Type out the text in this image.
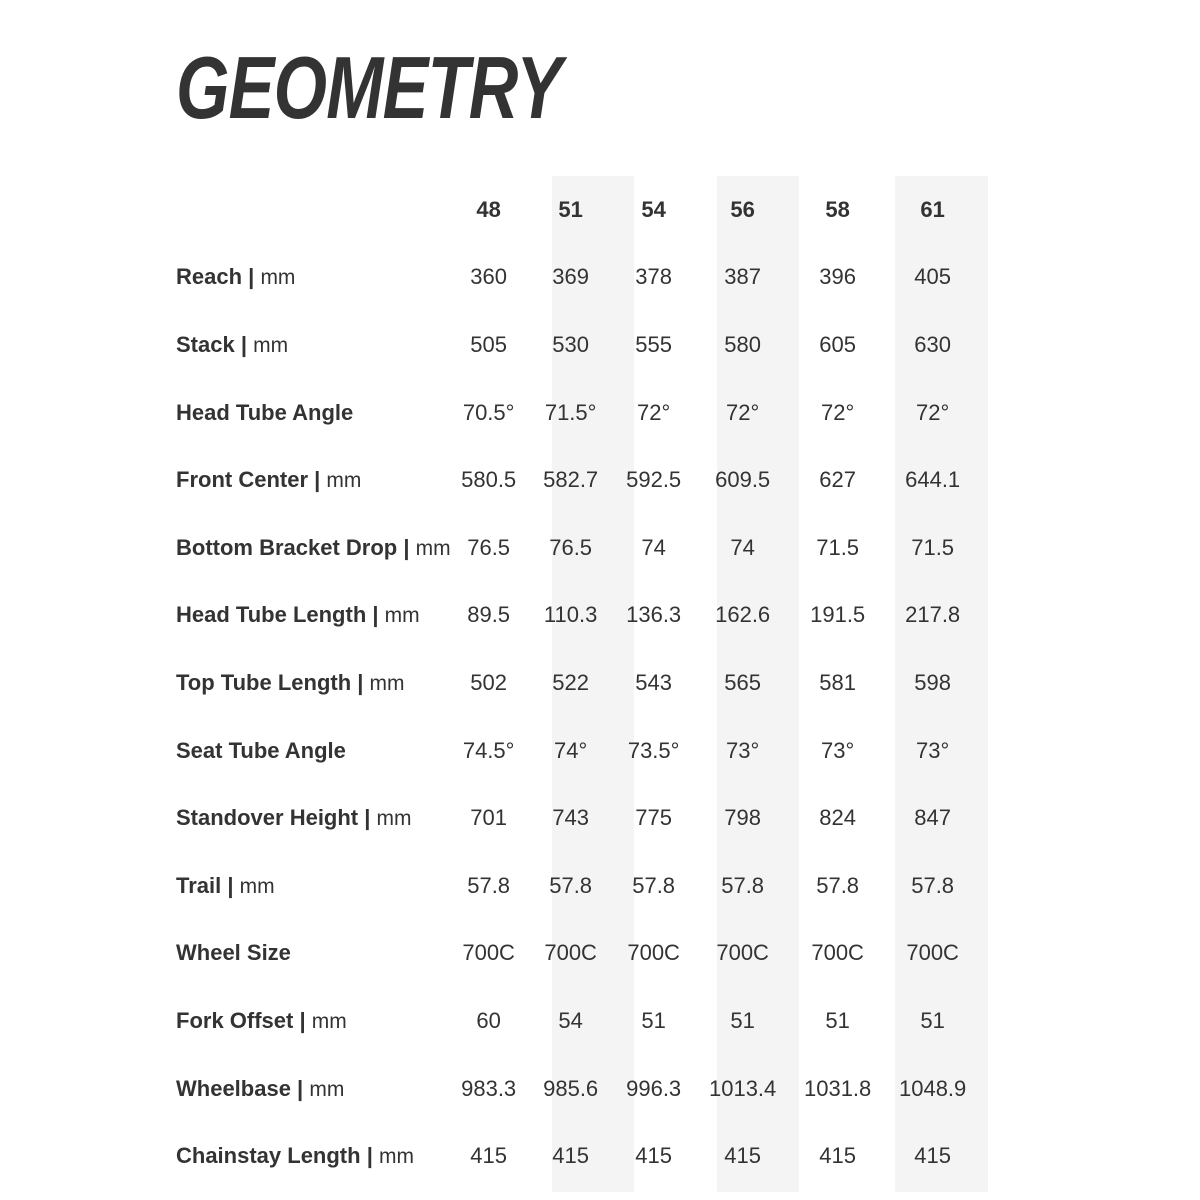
GEOMETRY
	48	51	54	56	58	61
Reach | mm	360	369	378	387	396	405
Stack | mm	505	530	555	580	605	630
Head Tube Angle	70.5°	71.5°	72°	72°	72°	72°
Front Center | mm	580.5	582.7	592.5	609.5	627	644.1
Bottom Bracket Drop | mm	76.5	76.5	74	74	71.5	71.5
Head Tube Length | mm	89.5	110.3	136.3	162.6	191.5	217.8
Top Tube Length | mm	502	522	543	565	581	598
Seat Tube Angle	74.5°	74°	73.5°	73°	73°	73°
Standover Height | mm	701	743	775	798	824	847
Trail | mm	57.8	57.8	57.8	57.8	57.8	57.8
Wheel Size	700C	700C	700C	700C	700C	700C
Fork Offset | mm	60	54	51	51	51	51
Wheelbase | mm	983.3	985.6	996.3	1013.4	1031.8	1048.9
Chainstay Length | mm	415	415	415	415	415	415
